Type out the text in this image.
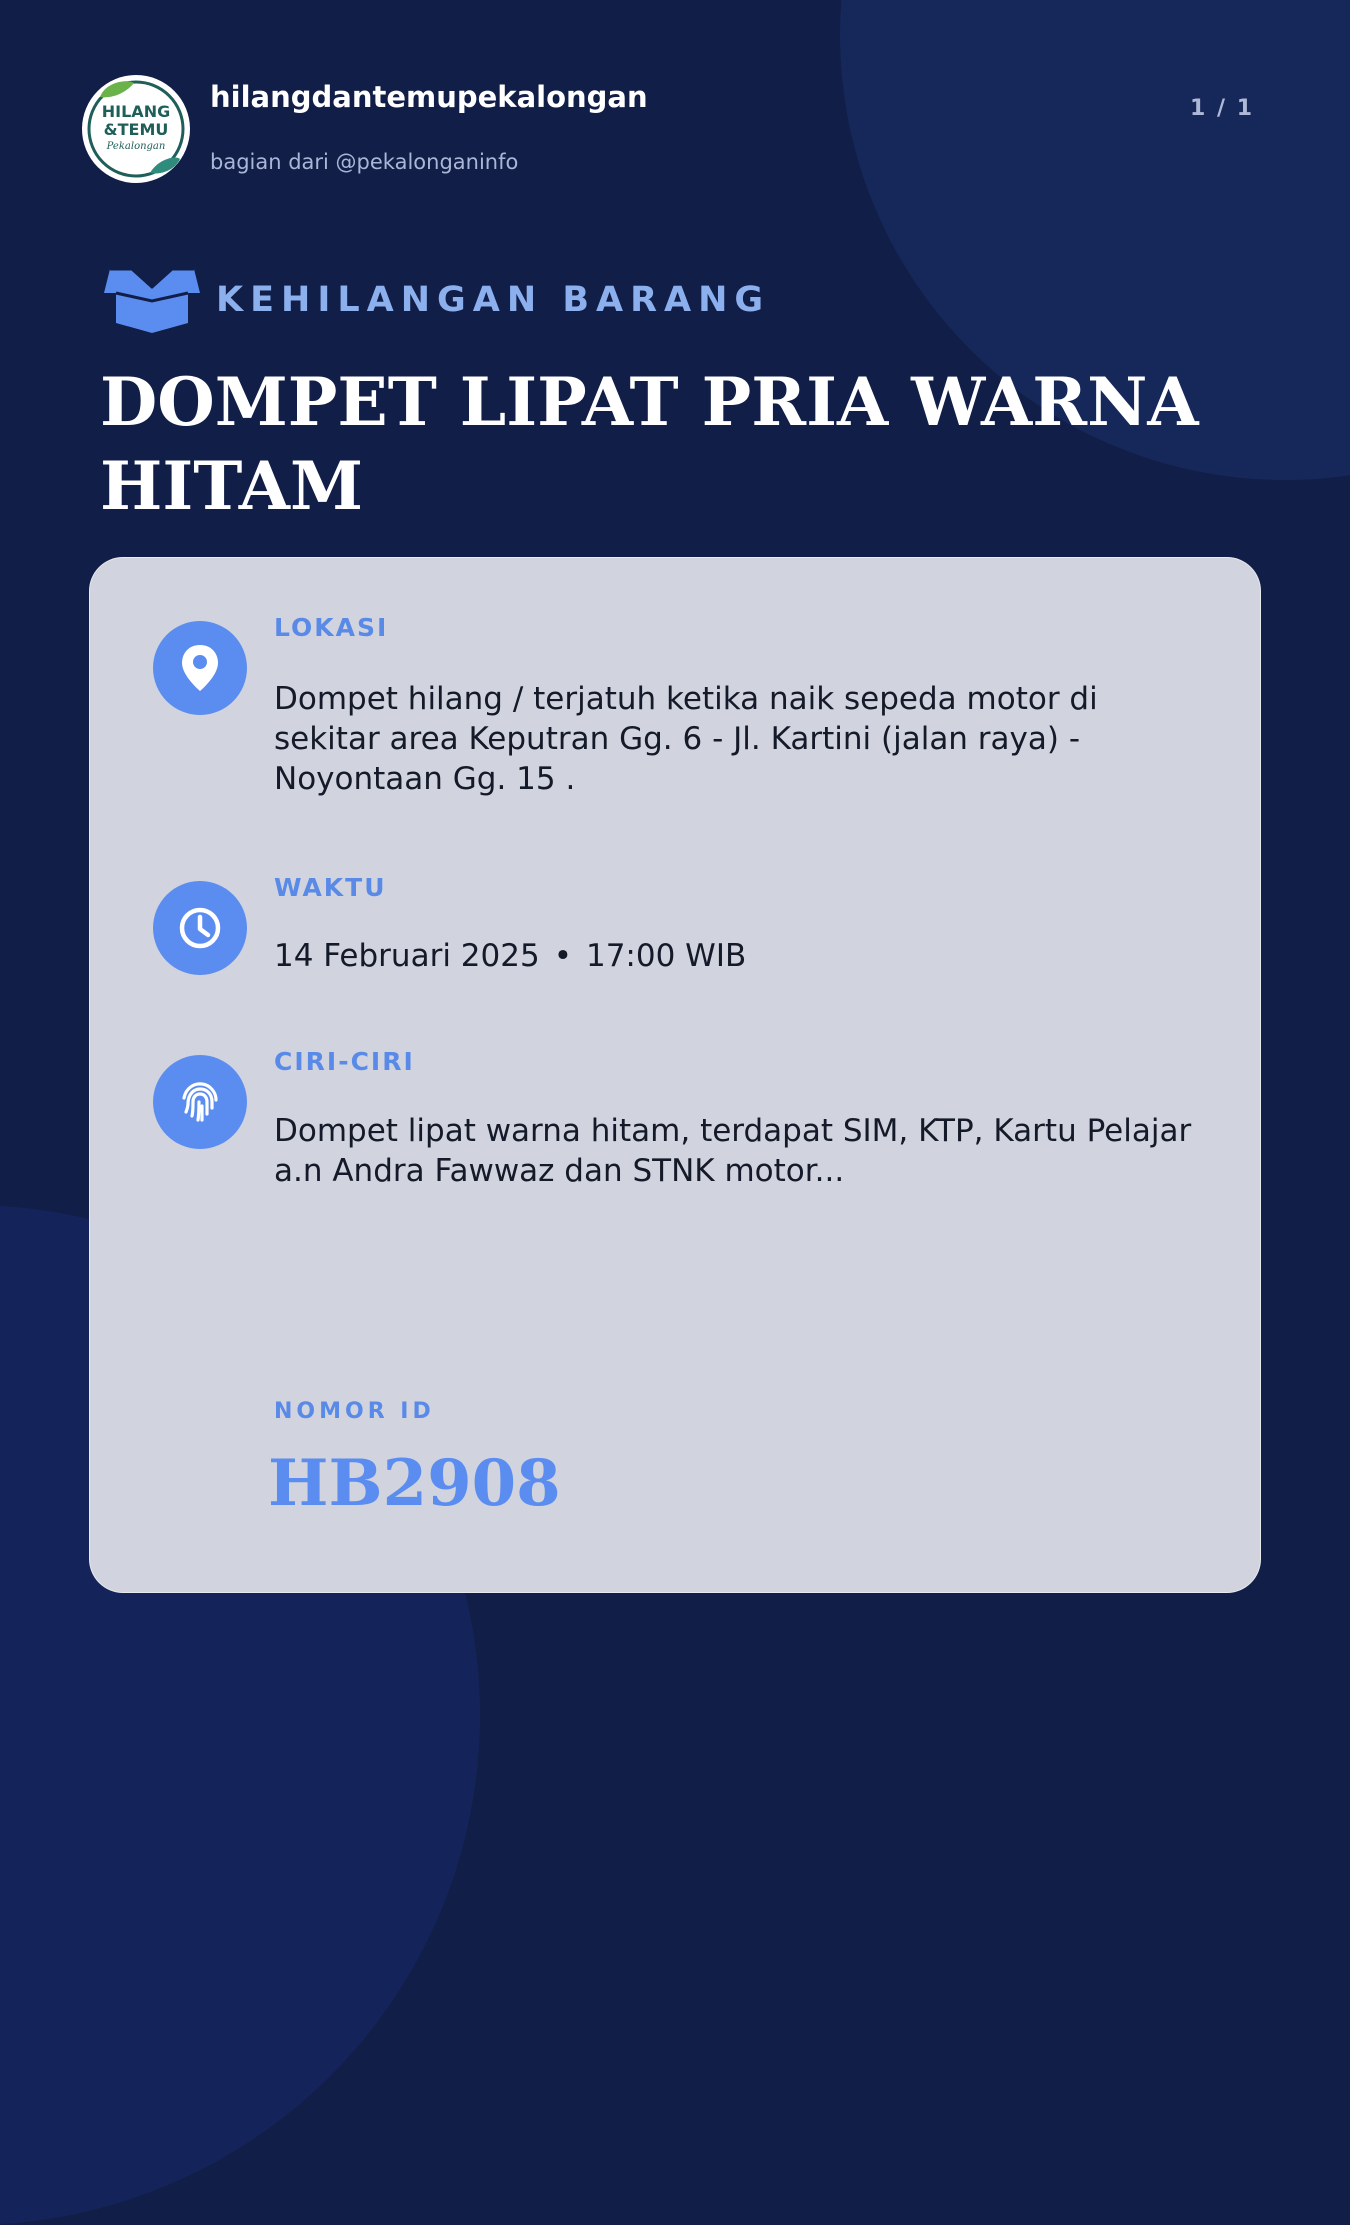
HILANG
&TEMU
Pekalongan
hilangdantemupekalongan
bagian dari @pekalonganinfo
1 / 1
KEHILANGAN BARANG
DOMPET LIPAT PRIA WARNA HITAM
LOKASI
Dompet hilang / terjatuh ketika naik sepeda motor di sekitar area Keputran Gg. 6 - Jl. Kartini (jalan raya) - Noyontaan Gg. 15 .
WAKTU
14 Februari 2025 • 17:00 WIB
CIRI-CIRI
Dompet lipat warna hitam, terdapat SIM, KTP, Kartu Pelajar a.n Andra Fawwaz dan STNK motor...
NOMOR ID
HB2908
